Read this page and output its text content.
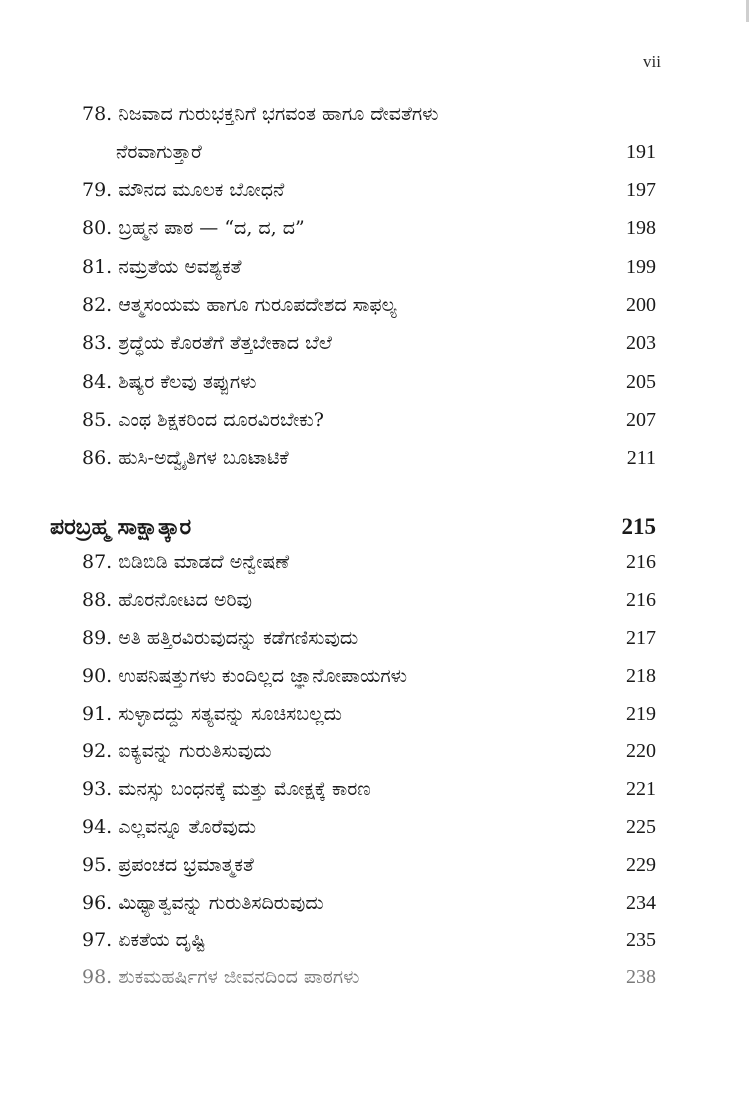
vii
78. ನಿಜವಾದ ಗುರುಭಕ್ತನಿಗೆ ಭಗವಂತ ಹಾಗೂ ದೇವತೆಗಳು
ನೆರವಾಗುತ್ತಾರೆ	191
79. ಮೌನದ ಮೂಲಕ ಬೋಧನೆ	197
80. ಬ್ರಹ್ಮನ ಪಾಠ — “ದ, ದ, ದ”	198
81. ನಮ್ರತೆಯ ಅವಶ್ಯಕತೆ	199
82. ಆತ್ಮಸಂಯಮ ಹಾಗೂ ಗುರೂಪದೇಶದ ಸಾಫಲ್ಯ	200
83. ಶ್ರದ್ಧೆಯ ಕೊರತೆಗೆ ತೆತ್ತಬೇಕಾದ ಬೆಲೆ	203
84. ಶಿಷ್ಯರ ಕೆಲವು ತಪ್ಪುಗಳು	205
85. ಎಂಥ ಶಿಕ್ಷಕರಿಂದ ದೂರವಿರಬೇಕು?	207
86. ಹುಸಿ-ಅದ್ವೈತಿಗಳ ಬೂಟಾಟಿಕೆ	211
ಪರಬ್ರಹ್ಮ ಸಾಕ್ಷಾತ್ಕಾರ	215
87. ಬಿಡಿಬಿಡಿ ಮಾಡದೆ ಅನ್ವೇಷಣೆ	216
88. ಹೊರನೋಟದ ಅರಿವು	216
89. ಅತಿ ಹತ್ತಿರವಿರುವುದನ್ನು ಕಡೆಗಣಿಸುವುದು	217
90. ಉಪನಿಷತ್ತುಗಳು ಕುಂದಿಲ್ಲದ ಜ್ಞಾನೋಪಾಯಗಳು	218
91. ಸುಳ್ಳಾದದ್ದು ಸತ್ಯವನ್ನು ಸೂಚಿಸಬಲ್ಲದು	219
92. ಐಕ್ಯವನ್ನು ಗುರುತಿಸುವುದು	220
93. ಮನಸ್ಸು ಬಂಧನಕ್ಕೆ ಮತ್ತು ಮೋಕ್ಷಕ್ಕೆ ಕಾರಣ	221
94. ಎಲ್ಲವನ್ನೂ ತೊರೆವುದು	225
95. ಪ್ರಪಂಚದ ಭ್ರಮಾತ್ಮಕತೆ	229
96. ಮಿಥ್ಯಾತ್ವವನ್ನು ಗುರುತಿಸದಿರುವುದು	234
97. ಏಕತೆಯ ದೃಷ್ಟಿ	235
98. ಶುಕಮಹರ್ಷಿಗಳ ಜೀವನದಿಂದ ಪಾಠಗಳು	238
